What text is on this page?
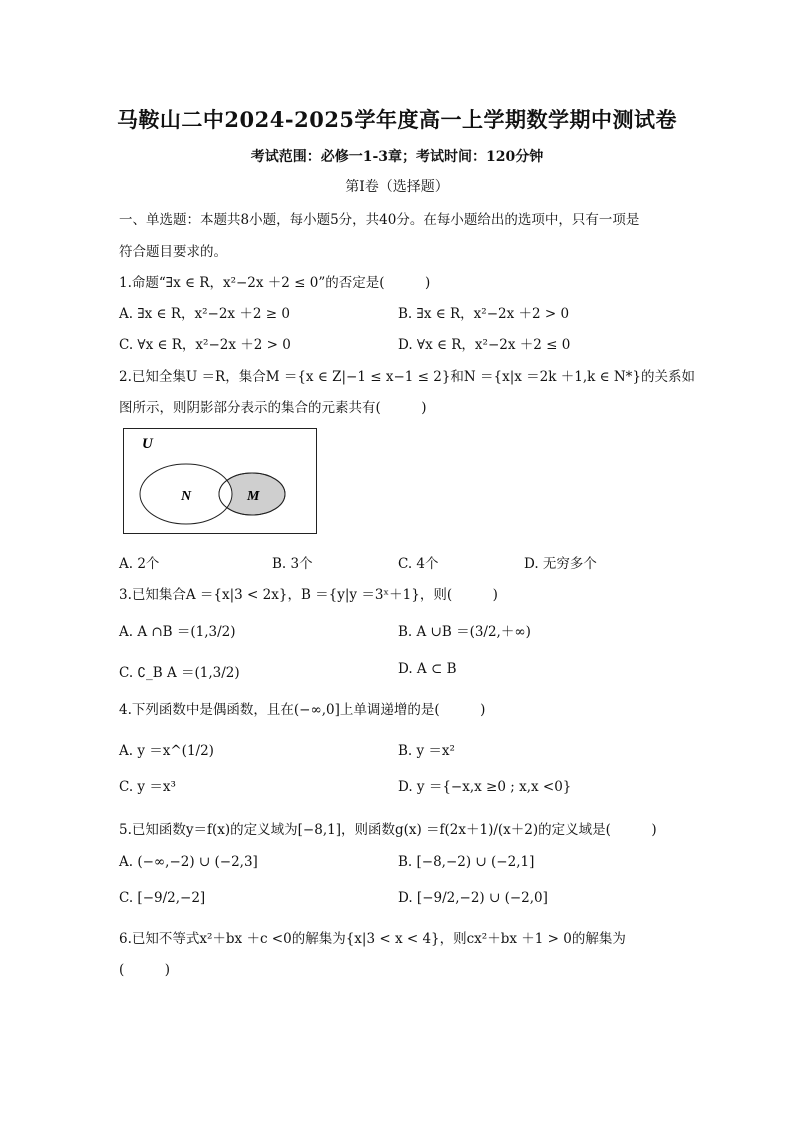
马鞍山二中2024-2025学年度高一上学期数学期中测试卷
考试范围：必修一1-3章；考试时间：120分钟
第I卷（选择题）
一、单选题：本题共8小题，每小题5分，共40分。在每小题给出的选项中，只有一项是
符合题目要求的。
1.命题“∃x ∈ R，x²−2x ＋2 ≤ 0”的否定是(　　　)
A. ∃x ∈ R，x²−2x ＋2 ≥ 0	B. ∃x ∈ R，x²−2x ＋2 > 0
C. ∀x ∈ R，x²−2x ＋2 > 0	D. ∀x ∈ R，x²−2x ＋2 ≤ 0
2.已知全集U ＝R，集合M ＝{x ∈ Z|−1 ≤ x−1 ≤ 2}和N ＝{x|x ＝2k ＋1,k ∈ N*}的关系如
图所示，则阴影部分表示的集合的元素共有(　　　)
U
N	M
A. 2个	B. 3个	C. 4个	D. 无穷多个
3.已知集合A ＝{x|3 < 2x}，B ＝{y|y ＝3ˣ＋1}，则(　　　)
A. A ∩B ＝(1,3/2)	B. A ∪B ＝(3/2,＋∞)
C. ∁_B A ＝(1,3/2)	D. A ⊂ B
4.下列函数中是偶函数，且在(−∞,0]上单调递增的是(　　　)
A. y ＝x^(1/2)	B. y ＝x²
C. y ＝x³	D. y ＝{−x,x ≥0 ; x,x <0}
5.已知函数y＝f(x)的定义域为[−8,1]，则函数g(x) ＝f(2x＋1)/(x＋2)的定义域是(　　　)
A. (−∞,−2) ∪ (−2,3]	B. [−8,−2) ∪ (−2,1]
C. [−9/2,−2]	D. [−9/2,−2) ∪ (−2,0]
6.已知不等式x²＋bx ＋c <0的解集为{x|3 < x < 4}，则cx²＋bx ＋1 > 0的解集为
(　　　)
